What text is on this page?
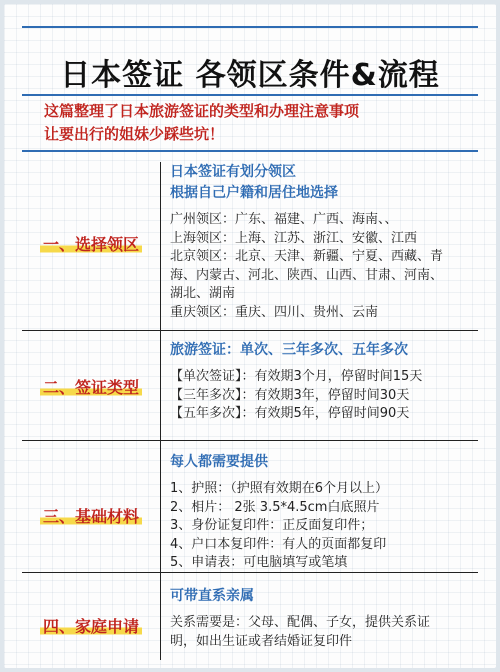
日本签证 各领区条件&流程
这篇整理了日本旅游签证的类型和办理注意事项
让要出行的姐妹少踩些坑！
一、选择领区
日本签证有划分领区
根据自己户籍和居住地选择
广州领区：广东、福建、广西、海南、、
上海领区：上海、江苏、浙江、安徽、江西
北京领区：北京、天津、新疆、宁夏、西藏、青
海、内蒙古、河北、陕西、山西、甘肃、河南、
湖北、湖南
重庆领区：重庆、四川、贵州、云南
二、签证类型
旅游签证：单次、三年多次、五年多次
【单次签证】：有效期3个月，停留时间15天
【三年多次】：有效期3年，停留时间30天
【五年多次】：有效期5年，停留时间90天
三、基础材料
每人都需要提供
1、护照：（护照有效期在6个月以上）
2、相片： 2张 3.5*4.5cm白底照片
3、身份证复印件：正反面复印件；
4、户口本复印件：有人的页面都复印
5、申请表：可电脑填写或笔填
四、家庭申请
可带直系亲属
关系需要是：父母、配偶、子女，提供关系证
明，如出生证或者结婚证复印件
